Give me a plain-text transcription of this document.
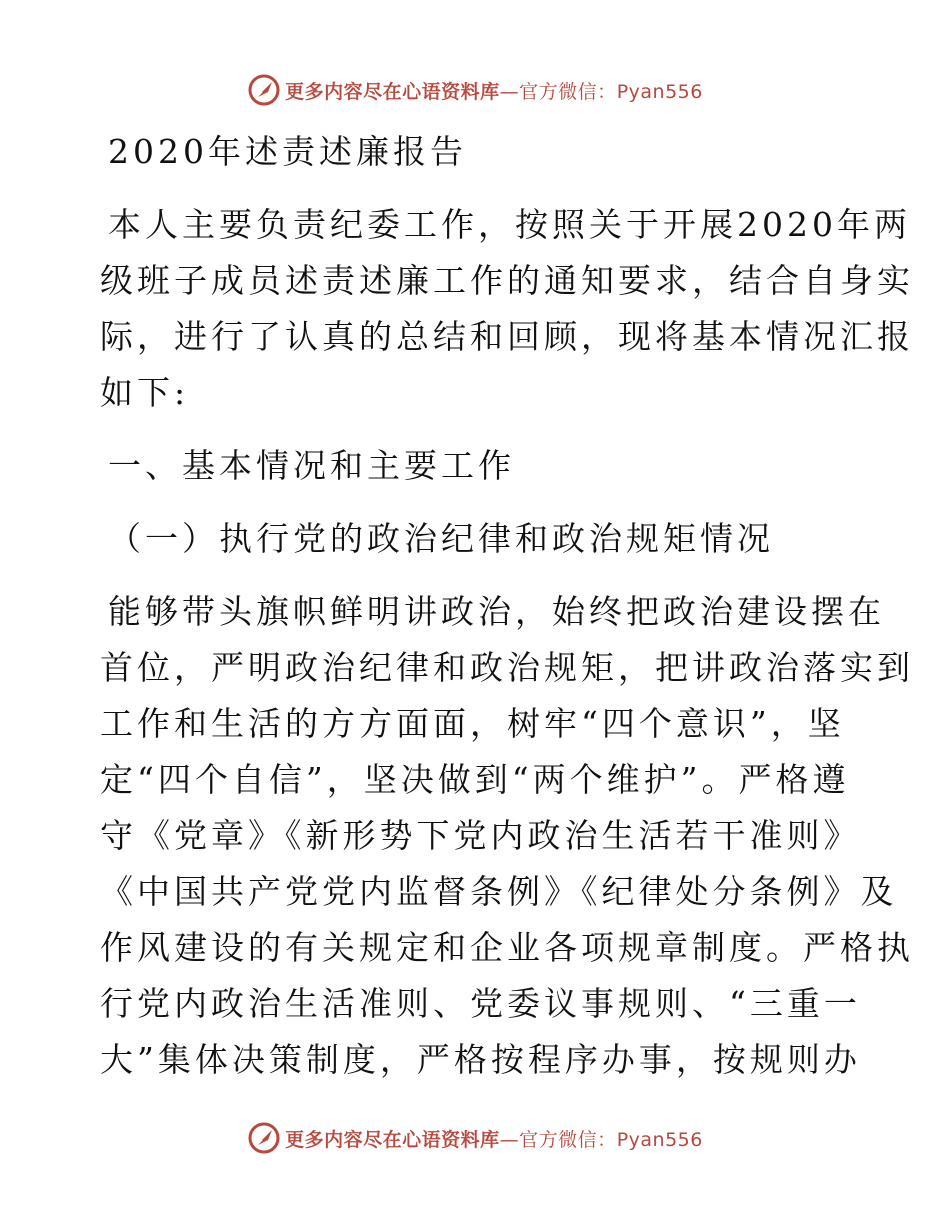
更多内容尽在心语资料库—官方微信：Pyan556
2020年述责述廉报告
本人主要负责纪委工作，按照关于开展2020年两
级班子成员述责述廉工作的通知要求，结合自身实
际，进行了认真的总结和回顾，现将基本情况汇报
如下:
一、基本情况和主要工作
（一）执行党的政治纪律和政治规矩情况
能够带头旗帜鲜明讲政治，始终把政治建设摆在
首位，严明政治纪律和政治规矩，把讲政治落实到
工作和生活的方方面面，树牢“四个意识”，坚
定“四个自信”，坚决做到“两个维护”。严格遵
守《党章》《新形势下党内政治生活若干准则》
《中国共产党党内监督条例》《纪律处分条例》及
作风建设的有关规定和企业各项规章制度。严格执
行党内政治生活准则、党委议事规则、“三重一
大”集体决策制度，严格按程序办事，按规则办
更多内容尽在心语资料库—官方微信：Pyan556
